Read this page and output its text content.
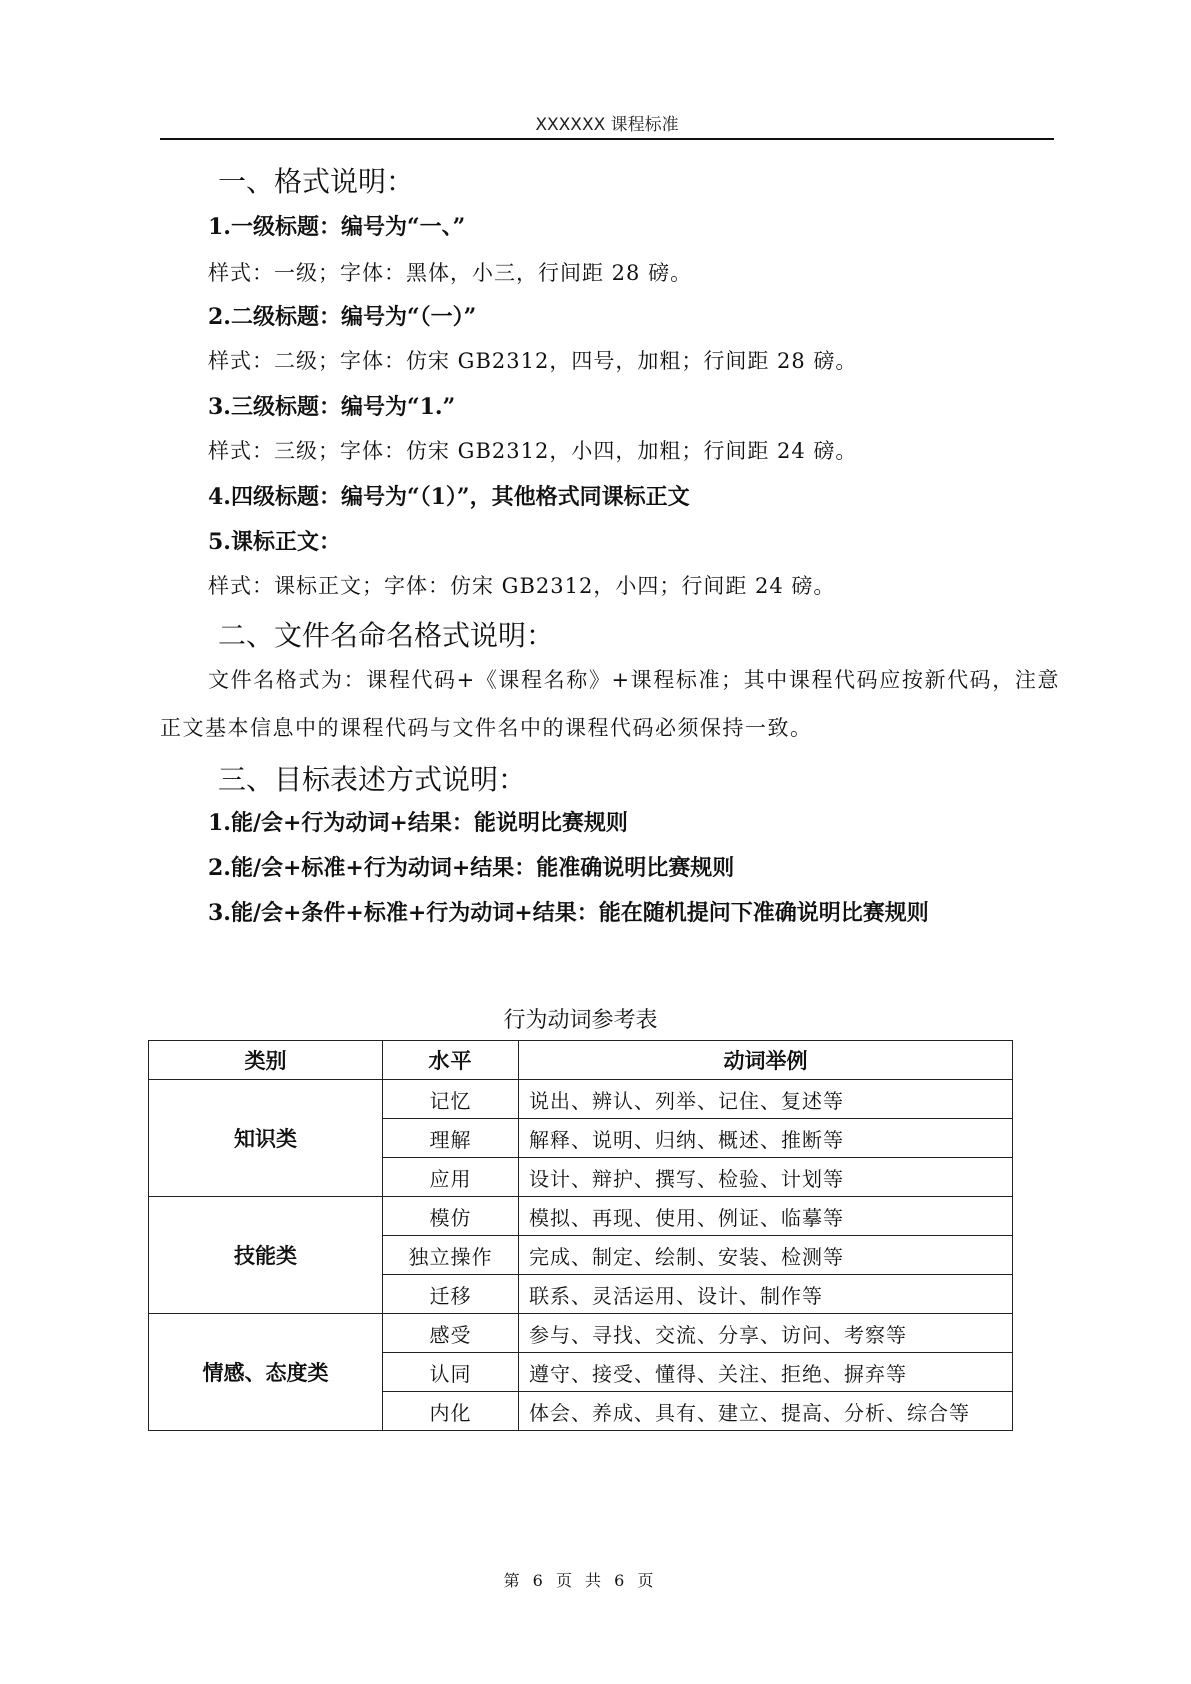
XXXXXX 课程标准
一、格式说明：
1.一级标题：编号为“一、”
样式：一级；字体：黑体，小三，行间距 28 磅。
2.二级标题：编号为“（一）”
样式：二级；字体：仿宋 GB2312，四号，加粗；行间距 28 磅。
3.三级标题：编号为“1.”
样式：三级；字体：仿宋 GB2312，小四，加粗；行间距 24 磅。
4.四级标题：编号为“（1）”，其他格式同课标正文
5.课标正文：
样式：课标正文；字体：仿宋 GB2312，小四；行间距 24 磅。
二、文件名命名格式说明：
文件名格式为：课程代码+《课程名称》+课程标准；其中课程代码应按新代码，注意正文基本信息中的课程代码与文件名中的课程代码必须保持一致。
三、目标表述方式说明：
1.能/会+行为动词+结果：能说明比赛规则
2.能/会+标准+行为动词+结果：能准确说明比赛规则
3.能/会+条件+标准+行为动词+结果：能在随机提问下准确说明比赛规则
行为动词参考表
类别	水平	动词举例
知识类	记忆	说出、辨认、列举、记住、复述等
	理解	解释、说明、归纳、概述、推断等
	应用	设计、辩护、撰写、检验、计划等
技能类	模仿	模拟、再现、使用、例证、临摹等
	独立操作	完成、制定、绘制、安装、检测等
	迁移	联系、灵活运用、设计、制作等
情感、态度类	感受	参与、寻找、交流、分享、访问、考察等
	认同	遵守、接受、懂得、关注、拒绝、摒弃等
	内化	体会、养成、具有、建立、提高、分析、综合等
第 6 页 共 6 页
